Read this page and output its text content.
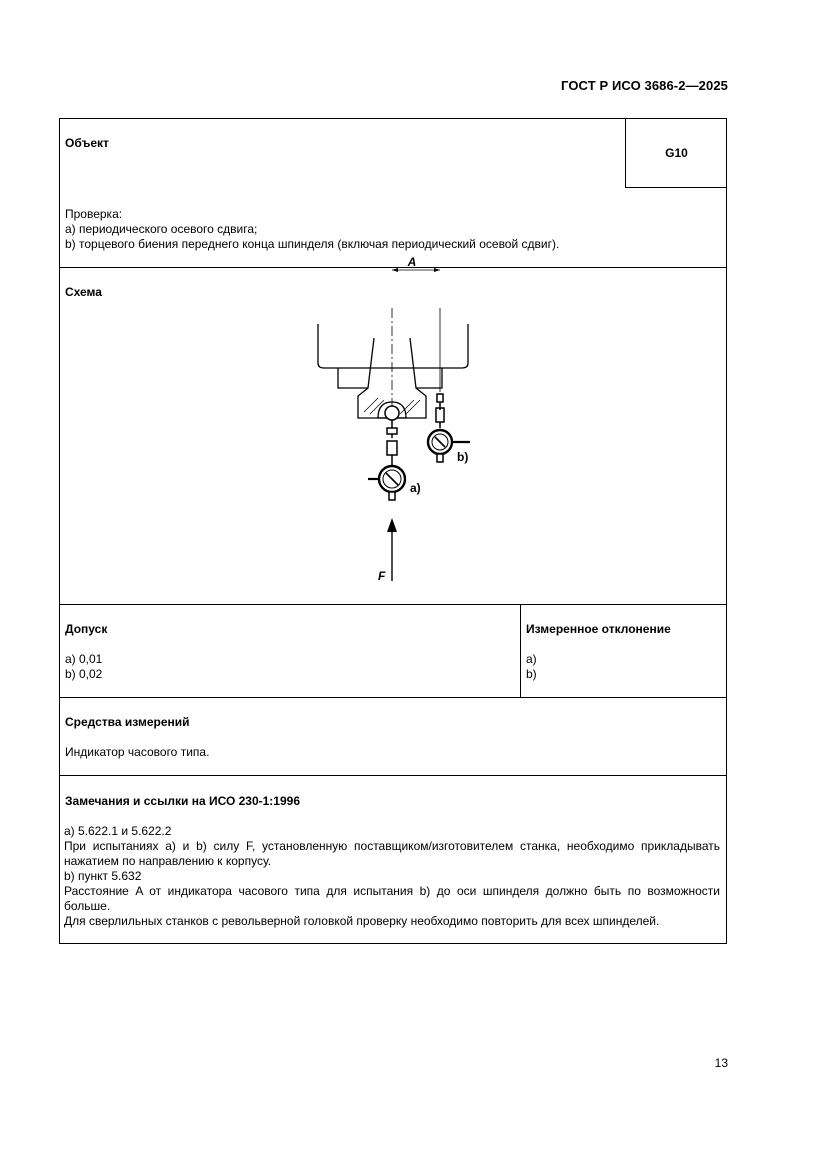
ГОСТ Р ИСО 3686-2—2025
Объект
G10
Проверка:
a) периодического осевого сдвига;
b) торцевого биения переднего конца шпинделя (включая периодический осевой сдвиг).
Схема
A
a)
b)
F
Допуск
a) 0,01
b) 0,02
Измеренное отклонение
a)
b)
Средства измерений
Индикатор часового типа.
Замечания и ссылки на ИСО 230-1:1996
a) 5.622.1 и 5.622.2
При испытаниях a) и b) силу F, установленную поставщиком/изготовителем станка, необходимо прикладывать нажатием по направлению к корпусу.
b) пункт 5.632
Расстояние A от индикатора часового типа для испытания b) до оси шпинделя должно быть по возможности больше.
Для сверлильных станков с револьверной головкой проверку необходимо повторить для всех шпинделей.
13
